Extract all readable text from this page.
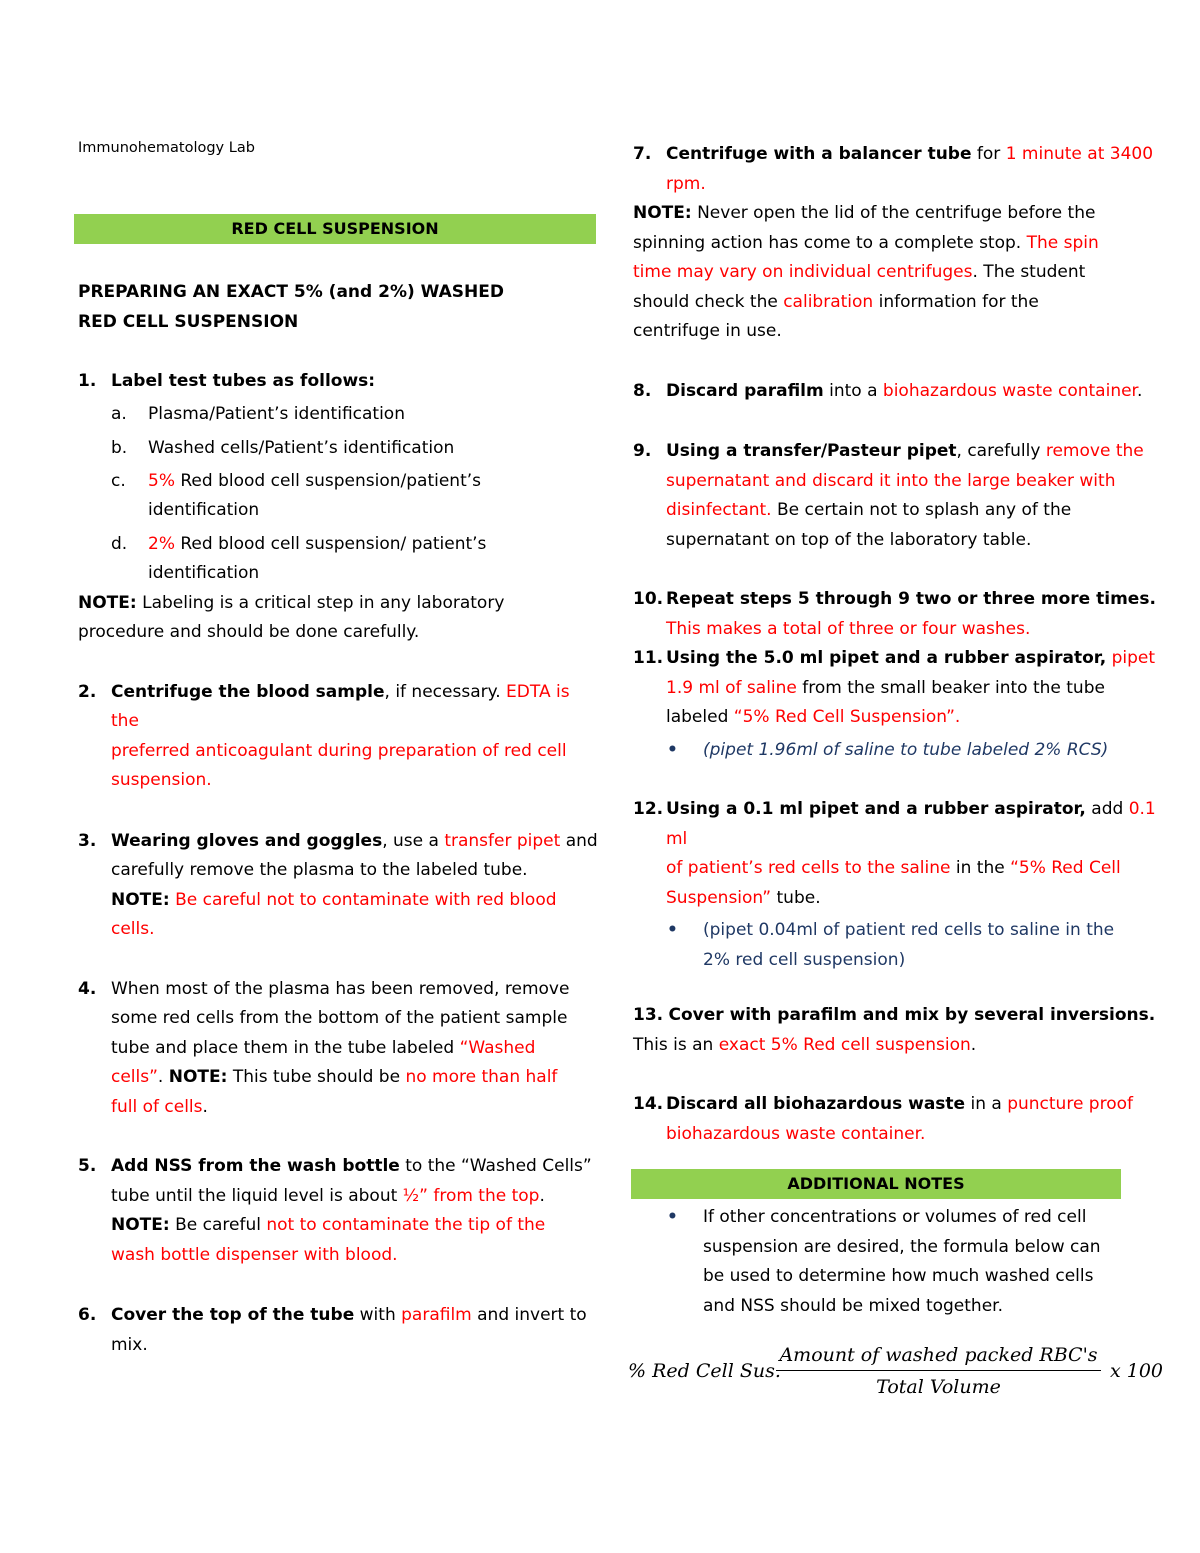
Immunohematology Lab
RED CELL SUSPENSION
PREPARING AN EXACT 5% (and 2%) WASHED
RED CELL SUSPENSION
1. Label test tubes as follows:
a. Plasma/Patient’s identification
b. Washed cells/Patient’s identification
c. 5% Red blood cell suspension/patient’s
identification
d. 2% Red blood cell suspension/ patient’s
identification
NOTE: Labeling is a critical step in any laboratory
procedure and should be done carefully.
2. Centrifuge the blood sample, if necessary. EDTA is the
preferred anticoagulant during preparation of red cell
suspension.
3. Wearing gloves and goggles, use a transfer pipet and
carefully remove the plasma to the labeled tube.
NOTE: Be careful not to contaminate with red blood
cells.
4. When most of the plasma has been removed, remove
some red cells from the bottom of the patient sample
tube and place them in the tube labeled “Washed
cells”. NOTE: This tube should be no more than half
full of cells.
5. Add NSS from the wash bottle to the “Washed Cells”
tube until the liquid level is about ½” from the top.
NOTE: Be careful not to contaminate the tip of the
wash bottle dispenser with blood.
6. Cover the top of the tube with parafilm and invert to
mix.
7. Centrifuge with a balancer tube for 1 minute at 3400
rpm.
NOTE: Never open the lid of the centrifuge before the
spinning action has come to a complete stop. The spin
time may vary on individual centrifuges. The student
should check the calibration information for the
centrifuge in use.
8. Discard parafilm into a biohazardous waste container.
9. Using a transfer/Pasteur pipet, carefully remove the
supernatant and discard it into the large beaker with
disinfectant. Be certain not to splash any of the
supernatant on top of the laboratory table.
10. Repeat steps 5 through 9 two or three more times.
This makes a total of three or four washes.
11. Using the 5.0 ml pipet and a rubber aspirator, pipet
1.9 ml of saline from the small beaker into the tube
labeled “5% Red Cell Suspension”.
• (pipet 1.96ml of saline to tube labeled 2% RCS)
12. Using a 0.1 ml pipet and a rubber aspirator, add 0.1 ml
of patient’s red cells to the saline in the “5% Red Cell
Suspension” tube.
• (pipet 0.04ml of patient red cells to saline in the
2% red cell suspension)
13. Cover with parafilm and mix by several inversions.
This is an exact 5% Red cell suspension.
14. Discard all biohazardous waste in a puncture proof
biohazardous waste container.
ADDITIONAL NOTES
• If other concentrations or volumes of red cell
suspension are desired, the formula below can
be used to determine how much washed cells
and NSS should be mixed together.
% Red Cell Sus.
Amount of washed packed RBC's
Total Volume
x 100
